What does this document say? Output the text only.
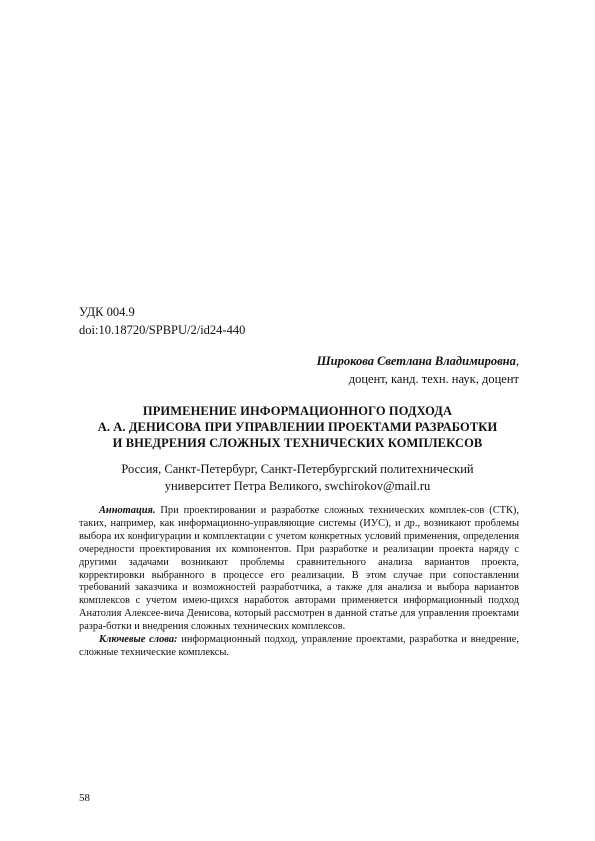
УДК 004.9
doi:10.18720/SPBPU/2/id24-440
Широкова Светлана Владимировна,
доцент, канд. техн. наук, доцент
ПРИМЕНЕНИЕ ИНФОРМАЦИОННОГО ПОДХОДА
А. А. ДЕНИСОВА ПРИ УПРАВЛЕНИИ ПРОЕКТАМИ РАЗРАБОТКИ
И ВНЕДРЕНИЯ СЛОЖНЫХ ТЕХНИЧЕСКИХ КОМПЛЕКСОВ
Россия, Санкт-Петербург, Санкт-Петербургский политехнический
университет Петра Великого, swchirokov@mail.ru

Аннотация. При проектировании и разработке сложных технических комплек-сов (СТК), таких, например, как информационно-управляющие системы (ИУС), и др., возникают проблемы выбора их конфигурации и комплектации с учетом конкретных условий применения, определения очередности проектирования их компонентов. При разработке и реализации проекта наряду с другими задачами возникают проблемы сравнительного анализа вариантов проекта, корректировки выбранного в процессе его реализации. В этом случае при сопоставлении требований заказчика и возможностей разработчика, а также для анализа и выбора вариантов комплексов с учетом имею-щихся наработок авторами применяется информационный подход Анатолия Алексее-вича Денисова, который рассмотрен в данной статье для управления проектами разра-ботки и внедрения сложных технических комплексов.

Ключевые слова: информационный подход, управление проектами, разработка и внедрение, сложные технические комплексы.

58
